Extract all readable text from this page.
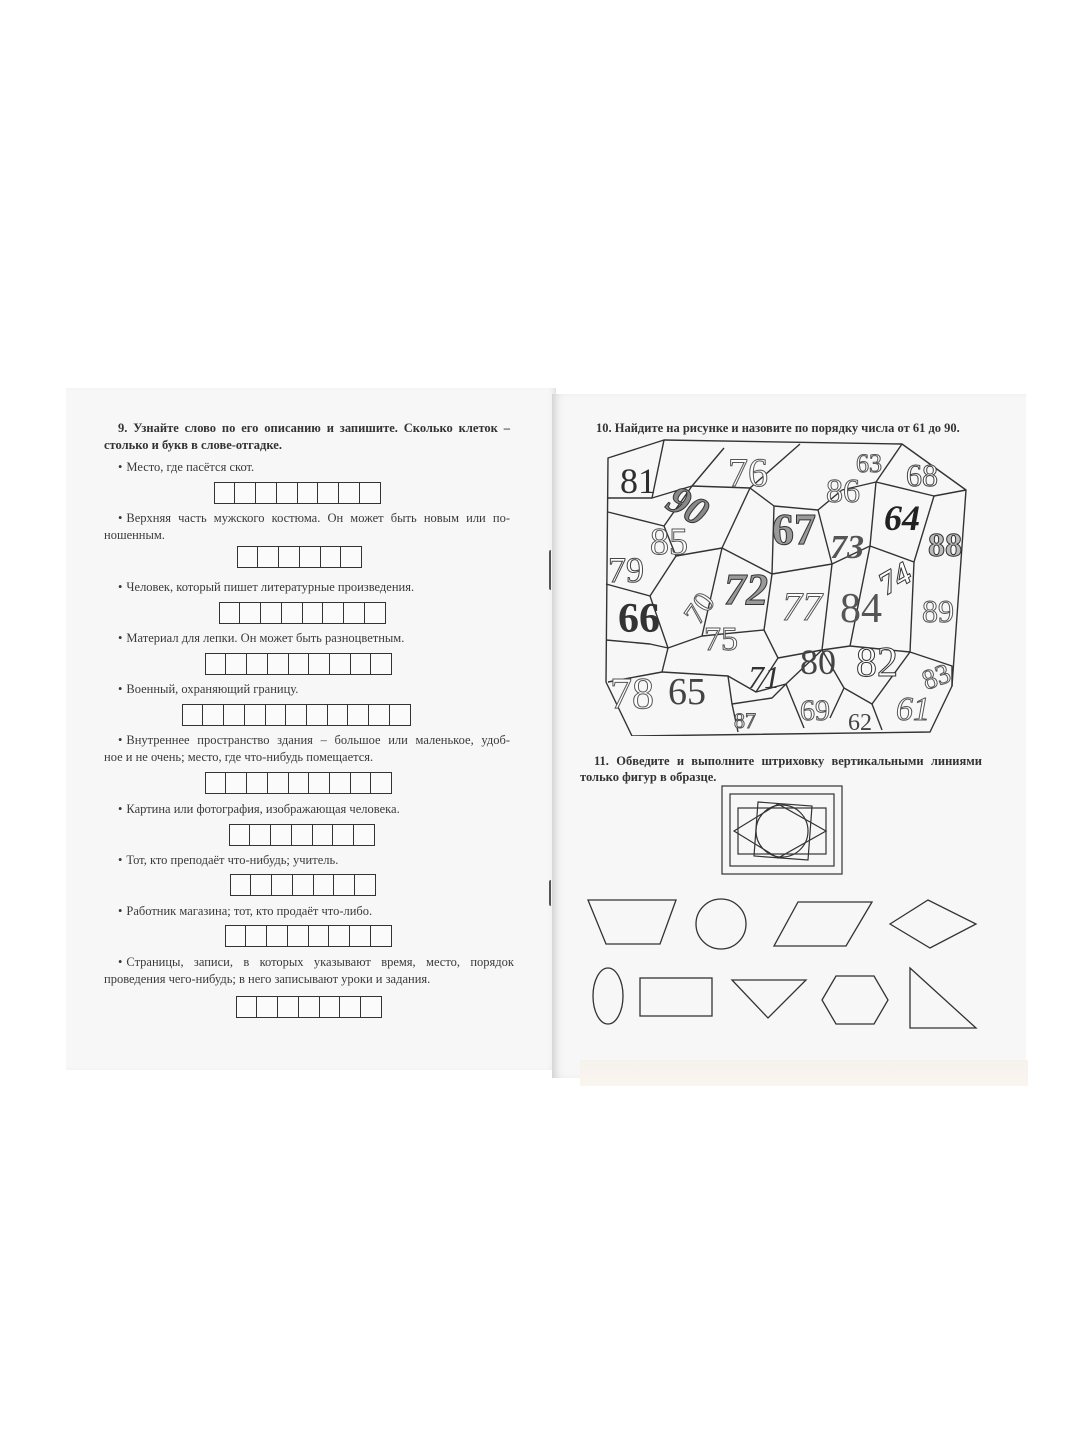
9. Узнайте слово по его описанию и запишите. Сколько клеток –
столько и букв в слове-отгадке.
• Место, где пасётся скот.
• Верхняя часть мужского костюма. Он может быть новым или по-
ношенным.
• Человек, который пишет литературные произведения.
• Материал для лепки. Он может быть разноцветным.
• Военный, охраняющий границу.
• Внутреннее пространство здания – большое или маленькое, удоб-
ное и не очень; место, где что-нибудь помещается.
• Картина или фотография, изображающая человека.
• Тот, кто преподаёт что-нибудь; учитель.
• Работник магазина; тот, кто продаёт что-либо.
• Страницы, записи, в которых указывают время, место, порядок
проведения чего-нибудь; в него записывают уроки и задания.
10. Найдите на рисунке и назовите по порядку числа от 61 до 90.
81 76	63 68
90	86
67 73
64
85	88
79 72
70 77 84
74
66	89
75
80 82 83
78 65 71
69 61
87	62
11. Обведите и выполните штриховку вертикальными линиями
только фигур в образце.
